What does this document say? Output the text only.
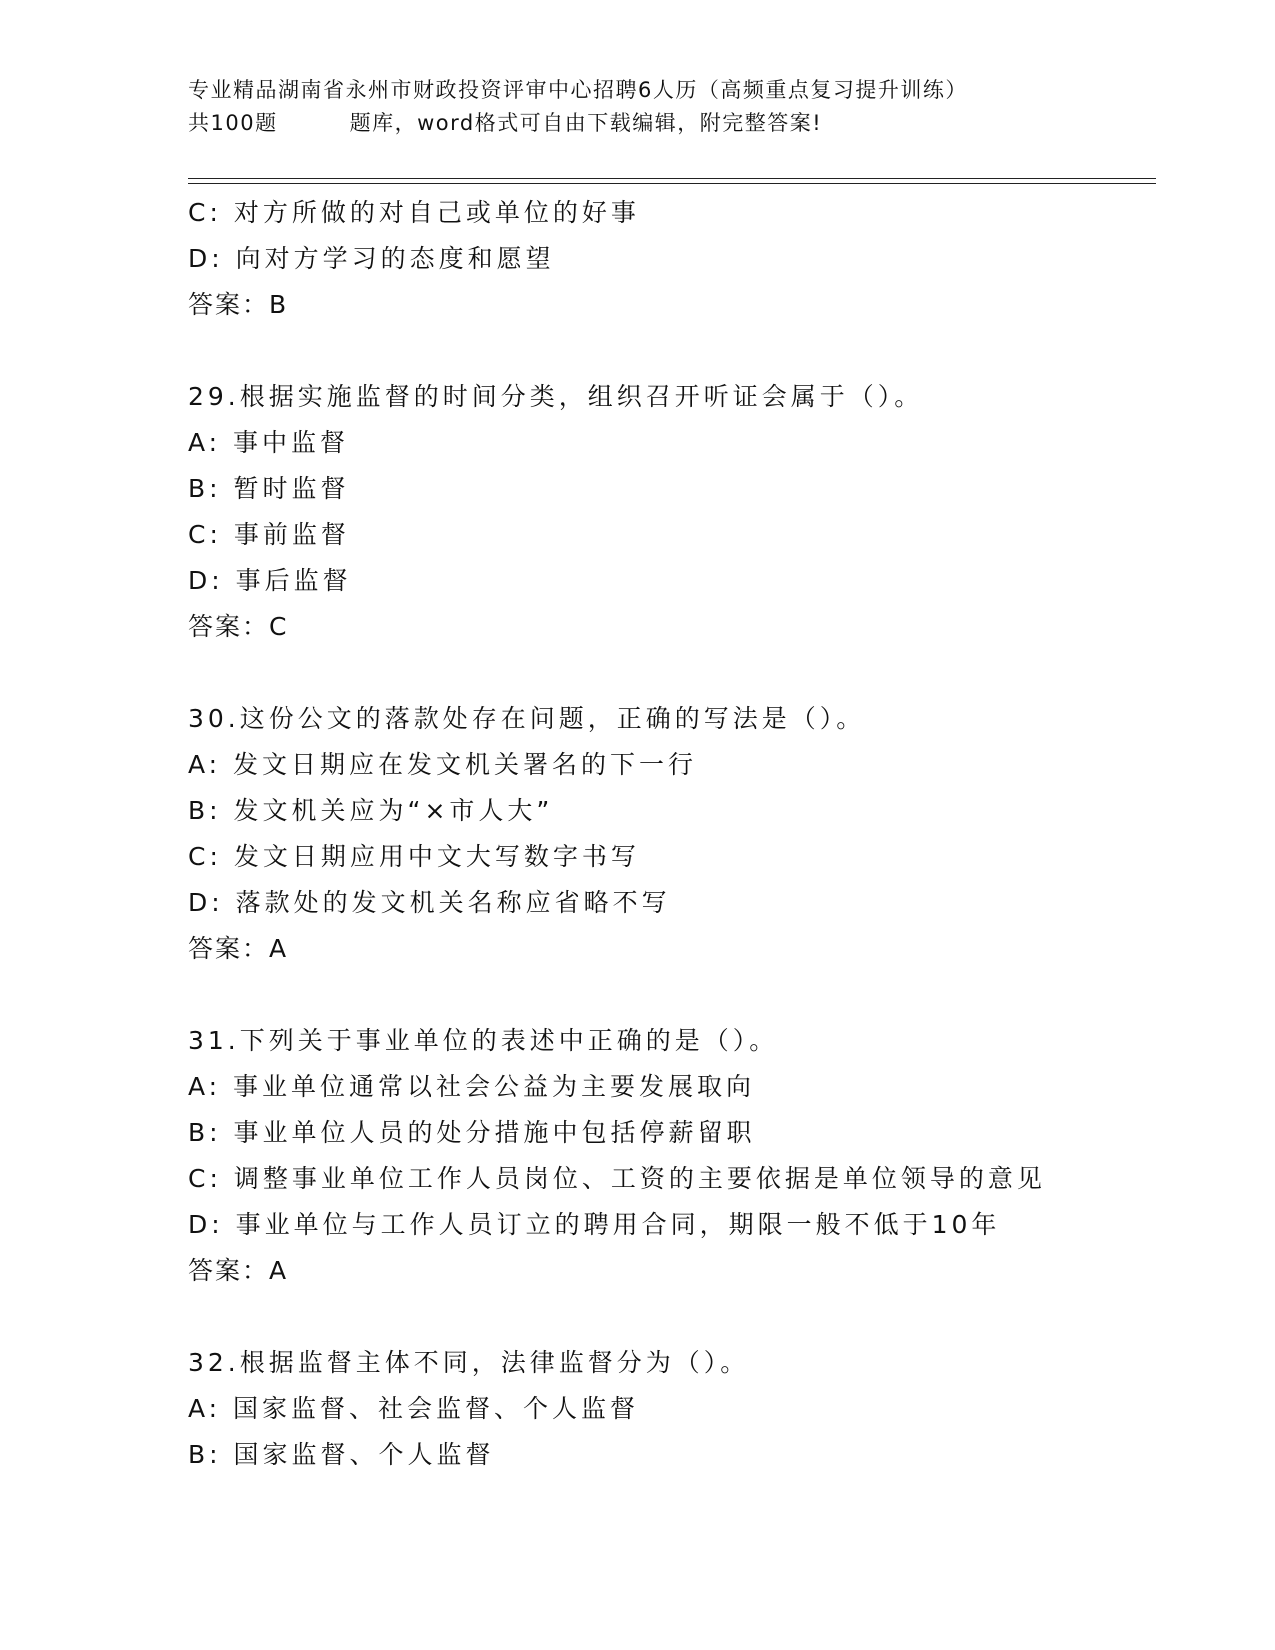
专业精品湖南省永州市财政投资评审中心招聘6人历（高频重点复习提升训练）
共100题	题库，word格式可自由下载编辑，附完整答案!
C: 对方所做的对自己或单位的好事
D: 向对方学习的态度和愿望
答案：B
29.根据实施监督的时间分类，组织召开听证会属于（）。
A: 事中监督
B: 暂时监督
C: 事前监督
D: 事后监督
答案：C
30.这份公文的落款处存在问题，正确的写法是（）。
A: 发文日期应在发文机关署名的下一行
B: 发文机关应为“×市人大”
C: 发文日期应用中文大写数字书写
D: 落款处的发文机关名称应省略不写
答案：A
31.下列关于事业单位的表述中正确的是（）。
A: 事业单位通常以社会公益为主要发展取向
B: 事业单位人员的处分措施中包括停薪留职
C: 调整事业单位工作人员岗位、工资的主要依据是单位领导的意见
D: 事业单位与工作人员订立的聘用合同，期限一般不低于10年
答案：A
32.根据监督主体不同，法律监督分为（）。
A: 国家监督、社会监督、个人监督
B: 国家监督、个人监督
